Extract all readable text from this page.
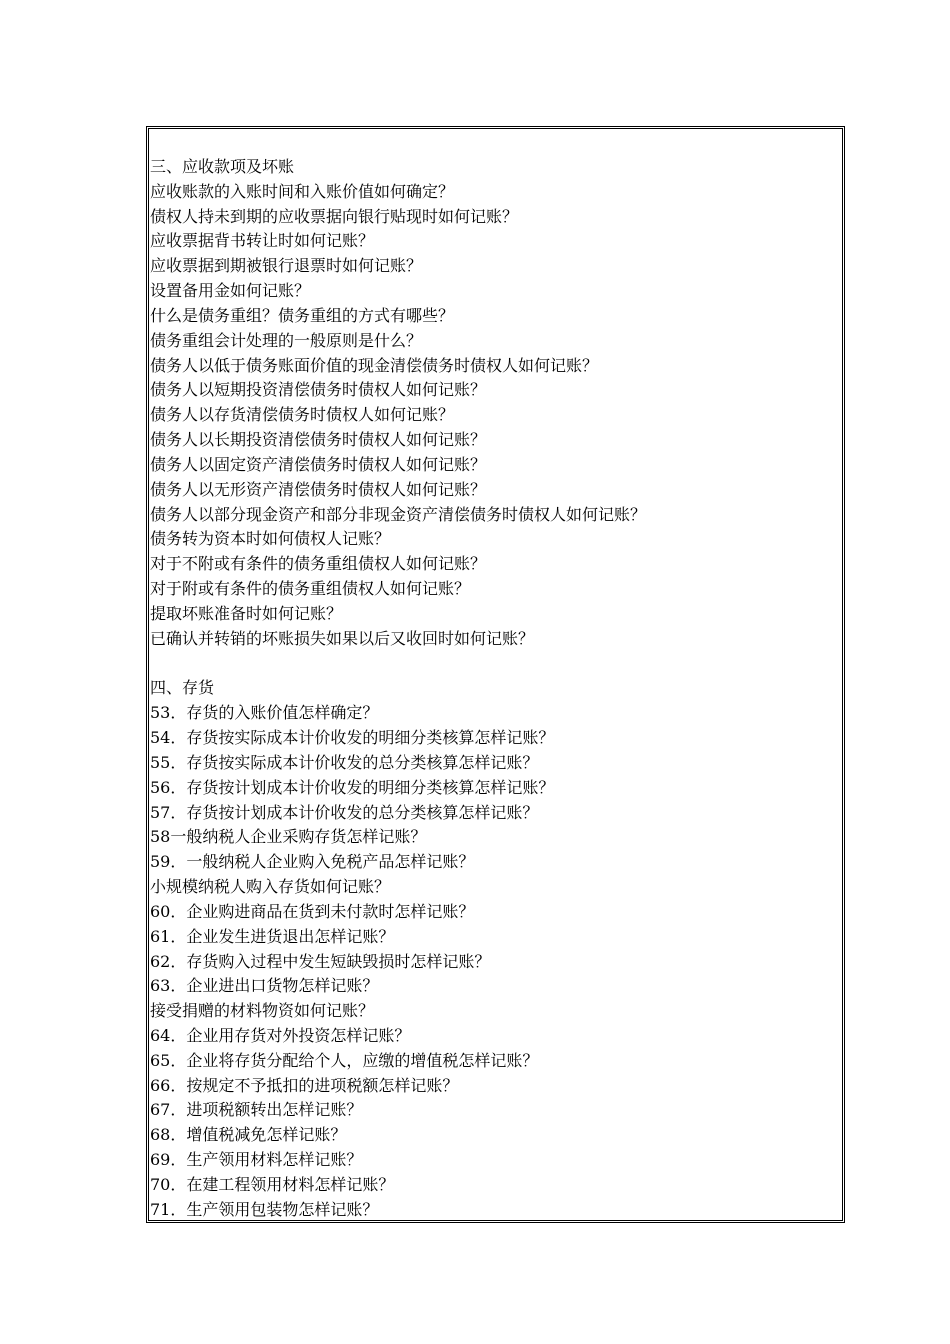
三、应收款项及坏账
应收账款的入账时间和入账价值如何确定？
债权人持未到期的应收票据向银行贴现时如何记账？
应收票据背书转让时如何记账？
应收票据到期被银行退票时如何记账？
设置备用金如何记账？
什么是债务重组？债务重组的方式有哪些？
债务重组会计处理的一般原则是什么？
债务人以低于债务账面价值的现金清偿债务时债权人如何记账？
债务人以短期投资清偿债务时债权人如何记账？
债务人以存货清偿债务时债权人如何记账？
债务人以长期投资清偿债务时债权人如何记账？
债务人以固定资产清偿债务时债权人如何记账？
债务人以无形资产清偿债务时债权人如何记账？
债务人以部分现金资产和部分非现金资产清偿债务时债权人如何记账？
债务转为资本时如何债权人记账？
对于不附或有条件的债务重组债权人如何记账？
对于附或有条件的债务重组债权人如何记账？
提取坏账准备时如何记账？
已确认并转销的坏账损失如果以后又收回时如何记账？
四、存货
53．存货的入账价值怎样确定？
54．存货按实际成本计价收发的明细分类核算怎样记账？
55．存货按实际成本计价收发的总分类核算怎样记账？
56．存货按计划成本计价收发的明细分类核算怎样记账？
57．存货按计划成本计价收发的总分类核算怎样记账？
58一般纳税人企业采购存货怎样记账？
59．一般纳税人企业购入免税产品怎样记账？
小规模纳税人购入存货如何记账？
60．企业购进商品在货到未付款时怎样记账？
61．企业发生进货退出怎样记账？
62．存货购入过程中发生短缺毁损时怎样记账？
63．企业进出口货物怎样记账？
接受捐赠的材料物资如何记账？
64．企业用存货对外投资怎样记账？
65．企业将存货分配给个人，应缴的增值税怎样记账？
66．按规定不予抵扣的进项税额怎样记账？
67．进项税额转出怎样记账？
68．增值税减免怎样记账？
69．生产领用材料怎样记账？
70．在建工程领用材料怎样记账？
71．生产领用包装物怎样记账？
